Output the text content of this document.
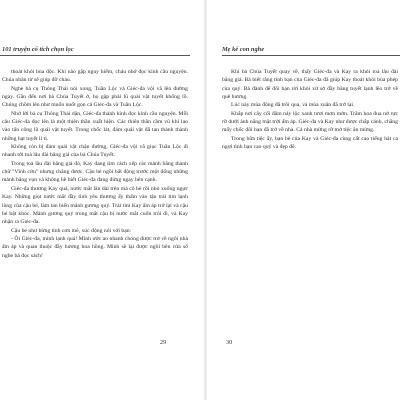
101 truyện cổ tích chọn lọc

thoát khỏi bùa độc. Khi nào gặp nguy hiểm, cháu nhớ đọc kinh cầu nguyện. Chúa nhân từ sẽ giúp đỡ cháu.

Nghe bà cụ Thông Thái nói xong, Tuần Lộc và Giéc-đa vội vã lên đường ngay. Gần đến nơi bà Chúa Tuyết ở, họ gặp phải lũ quái vật tuyết khổng lồ. Chúng chồm lên như muốn nuốt gọn cả Giéc-đa và Tuần Lộc.

Nhớ lời bà cụ Thông Thái dặn, Giéc-đa thành kính đọc kinh cầu nguyện. Mỗi câu Giéc-đa đọc lên là một thiên thần xuất hiện. Các thiên thần cầm vũ khí lao vào tấn công lũ quái vật tuyết. Trong chốc lát, đám quái vật đã tan thành thành những hạt tuyết li ti.

Không còn bị đám quái vật chặn đường, Giéc-đa vội vã giục Tuần Lộc đi nhanh tới toà lâu đài băng giá của bà Chúa Tuyết.

Trong toà lâu đài băng giá đó, Kay đang tìm cách xếp các mảnh băng thành chữ "Vĩnh cửu" nhưng chẳng được. Cậu bé ngồi bất động trước một đống những mảnh băng vụn và không hề biết Giéc-đa đang đứng ngay bên cạnh.

Giéc-đa thương Kay quá, nước mắt lăn dài trên má cô bé rồi nhỏ xuống ngực Kay. Những giọt nước mắt đầy tình yêu thương ấy thấm vào tận trái tim lạnh lùng của cậu bé, làm tan biến mảnh gương quỷ. Trái tim Kay ấm áp trở lại và cậu bé bật khóc. Mảnh gương quỷ trong mắt cậu bị nước mắt cuốn trôi đi, và Kay nhận ra Giéc-đa.

Cậu bé như bừng tỉnh cơn mê, xúc động nói với bạn:

- Ôi Giéc-đa, mình lạnh quá! Mình ước ao nhanh chóng được trở về ngôi nhà ấm áp và quan thuộc đầy hương hoa hồng. Mình sẽ lại được ngồi bên cửa sổ nghe bà đọc sách!

29
Mẹ kể con nghe

Khi bà Chúa Tuyết quay về, thấy Giéc-đa và Kay ra khỏi toà lâu đài băng giá. Bà biết rằng tình bạn của Giéc-đa đã giúp Kay thoát khỏi bùa phép của quỷ. Bà đành để đôi bạn rời khỏi xứ sở đầy băng tuyết lạnh lẽo trở về quê hương.

Lúc này mùa đông đã trôi qua, và mùa xuân đã trở lại.

Khắp nơi cây cối đâm nảy lộc xanh tươi mơn mởn. Trăm hoa đua nở rực rỡ dưới ánh nắng mặt trời ấm áp. Giéc-đa và Kay như được chắp cánh, chẳng mấy chốc đôi bạn đã trở về nhà. Cả nhà mừng rỡ mở tiệc ăn mừng.

Trong bữa tiệc ấy, bạn bè của Kay và Giéc-đa cùng cất cao tiếng hát ca ngợi tình bạn cao quý và đẹp đẽ.

30
